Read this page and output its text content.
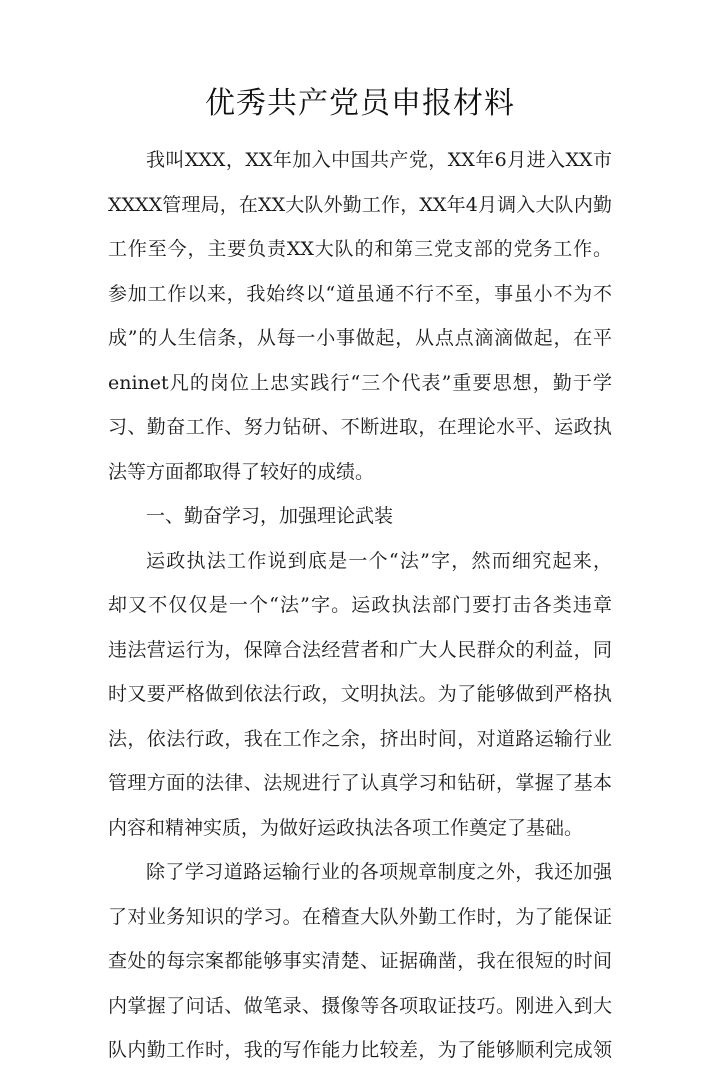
优秀共产党员申报材料
我叫XXX，XX年加入中国共产党，XX年6月进入XX市
XXXX管理局，在XX大队外勤工作，XX年4月调入大队内勤
工作至今，主要负责XX大队的和第三党支部的党务工作。
参加工作以来，我始终以“道虽通不行不至，事虽小不为不
成”的人生信条，从每一小事做起，从点点滴滴做起，在平
eninet凡的岗位上忠实践行“三个代表”重要思想，勤于学
习、勤奋工作、努力钻研、不断进取，在理论水平、运政执
法等方面都取得了较好的成绩。
一、勤奋学习，加强理论武装
运政执法工作说到底是一个“法”字，然而细究起来，
却又不仅仅是一个“法”字。运政执法部门要打击各类违章
违法营运行为，保障合法经营者和广大人民群众的利益，同
时又要严格做到依法行政，文明执法。为了能够做到严格执
法，依法行政，我在工作之余，挤出时间，对道路运输行业
管理方面的法律、法规进行了认真学习和钻研，掌握了基本
内容和精神实质，为做好运政执法各项工作奠定了基础。
除了学习道路运输行业的各项规章制度之外，我还加强
了对业务知识的学习。在稽查大队外勤工作时，为了能保证
查处的每宗案都能够事实清楚、证据确凿，我在很短的时间
内掌握了问话、做笔录、摄像等各项取证技巧。刚进入到大
队内勤工作时，我的写作能力比较差，为了能够顺利完成领
